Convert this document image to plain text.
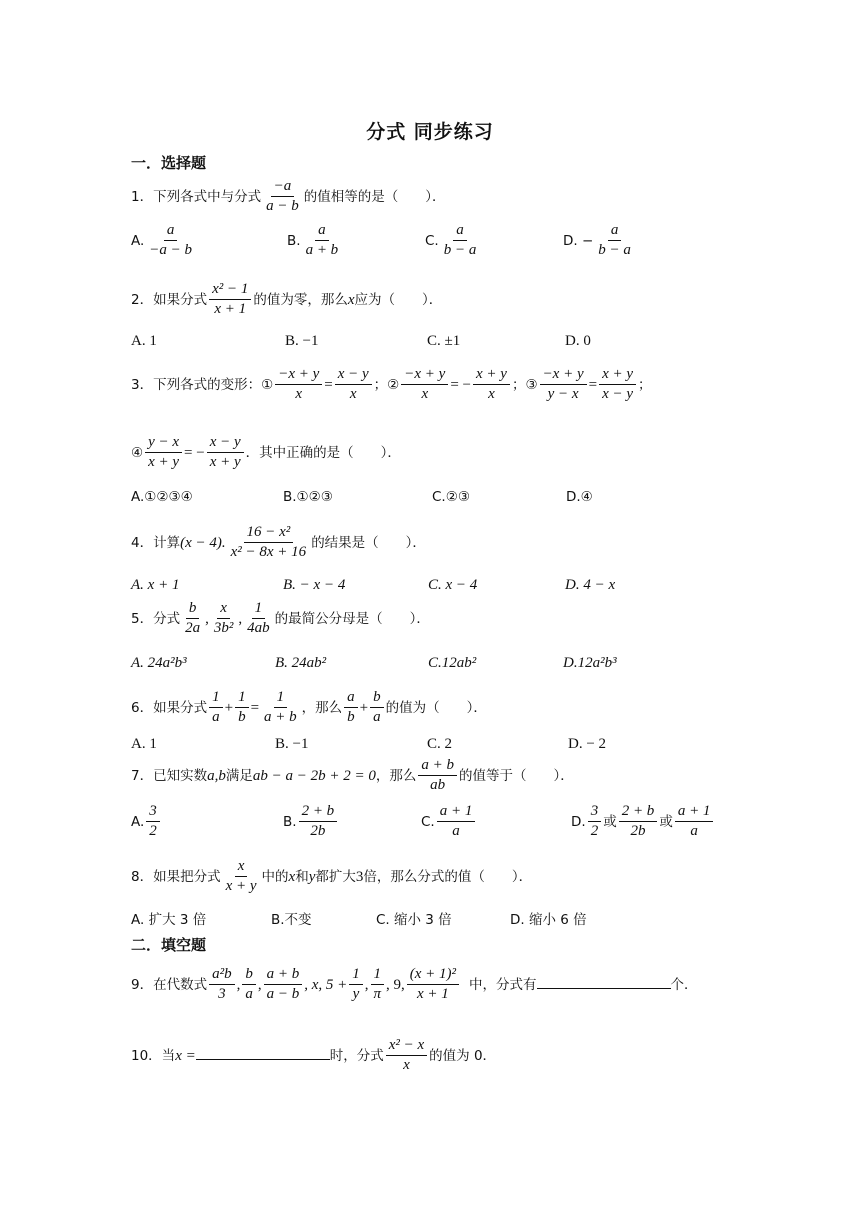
分式 同步练习
一．选择题
1．下列各式中与分式 $\frac{-a}{a - b}$ 的值相等的是（　　）．
A. $\frac{a}{-a - b}$	B. $\frac{a}{a + b}$	C. $\frac{a}{b - a}$	D. − $\frac{a}{b - a}$
2．如果分式 $\frac{\text{x² − 1}}{x + 1}$ 的值为零，那么x应为（　　）．
A. 1	B. −1	C. ±1	D. 0
3．下列各式的变形：① $\frac{-x + y}{x} = \frac{x - y}{x}$ ；② $\frac{-x + y}{x}$ = − $\frac{x + y}{x}$ ；③ $\frac{-x + y}{y - x} = \frac{x + y}{x - y}$ ；
④ $\frac{y - x}{x + y}$ = − $\frac{x - y}{x + y}$ ．其中正确的是（　　）．
A.①②③④	B.①②③	C.②③	D.④
4．计算(x − 4). $\frac{\text{16 − x²}}{\text{x² − 8x + 16}}$ 的结果是（　　）．
A. x + 1	B. − x − 4	C. x − 4	D. 4 − x
5．分式 $\frac{b}{2a}$ , $\frac{x}{\text{3b²}}$ , $\frac{1}{4ab}$ 的最简公分母是（　　）．
A. 24a²b³	B. 24ab²	C.12ab²	D.12a²b³
6．如果分式 $\frac{1}{a} + \frac{1}{b} = \frac{1}{a + b}$ ，那么 $\frac{a}{b} + \frac{b}{a}$ 的值为（　　）．
A. 1	B. −1	C. 2	D. − 2
7．已知实数a,b满足ab − a − 2b + 2 = 0，那么 $\frac{a + b}{ab}$ 的值等于（　　）．
A. $\frac{3}{2}$	B. $\frac{2 + b}{2b}$	C. $\frac{a + 1}{a}$	D. $\frac{3}{2}$ 或 $\frac{2 + b}{2b}$ 或 $\frac{a + 1}{a}$
8．如果把分式 $\frac{x}{x + y}$ 中的x和y都扩大3倍，那么分式的值（　　）．
A. 扩大 3 倍	B.不变	C. 缩小 3 倍	D. 缩小 6 倍
二．填空题
9．在代数式 $\frac{\text{a²b}}{3}$ , $\frac{b}{a}$ , $\frac{a + b}{a - b}$ , x, $5 + \frac{1}{y}$ , $\frac{1}{\pi}$ , 9, $\frac{\text{(x + 1)²}}{x + 1}$ 中，分式有	个．
10．当x =	时，分式 $\frac{\text{x² − x}}{x}$ 的值为 0．
